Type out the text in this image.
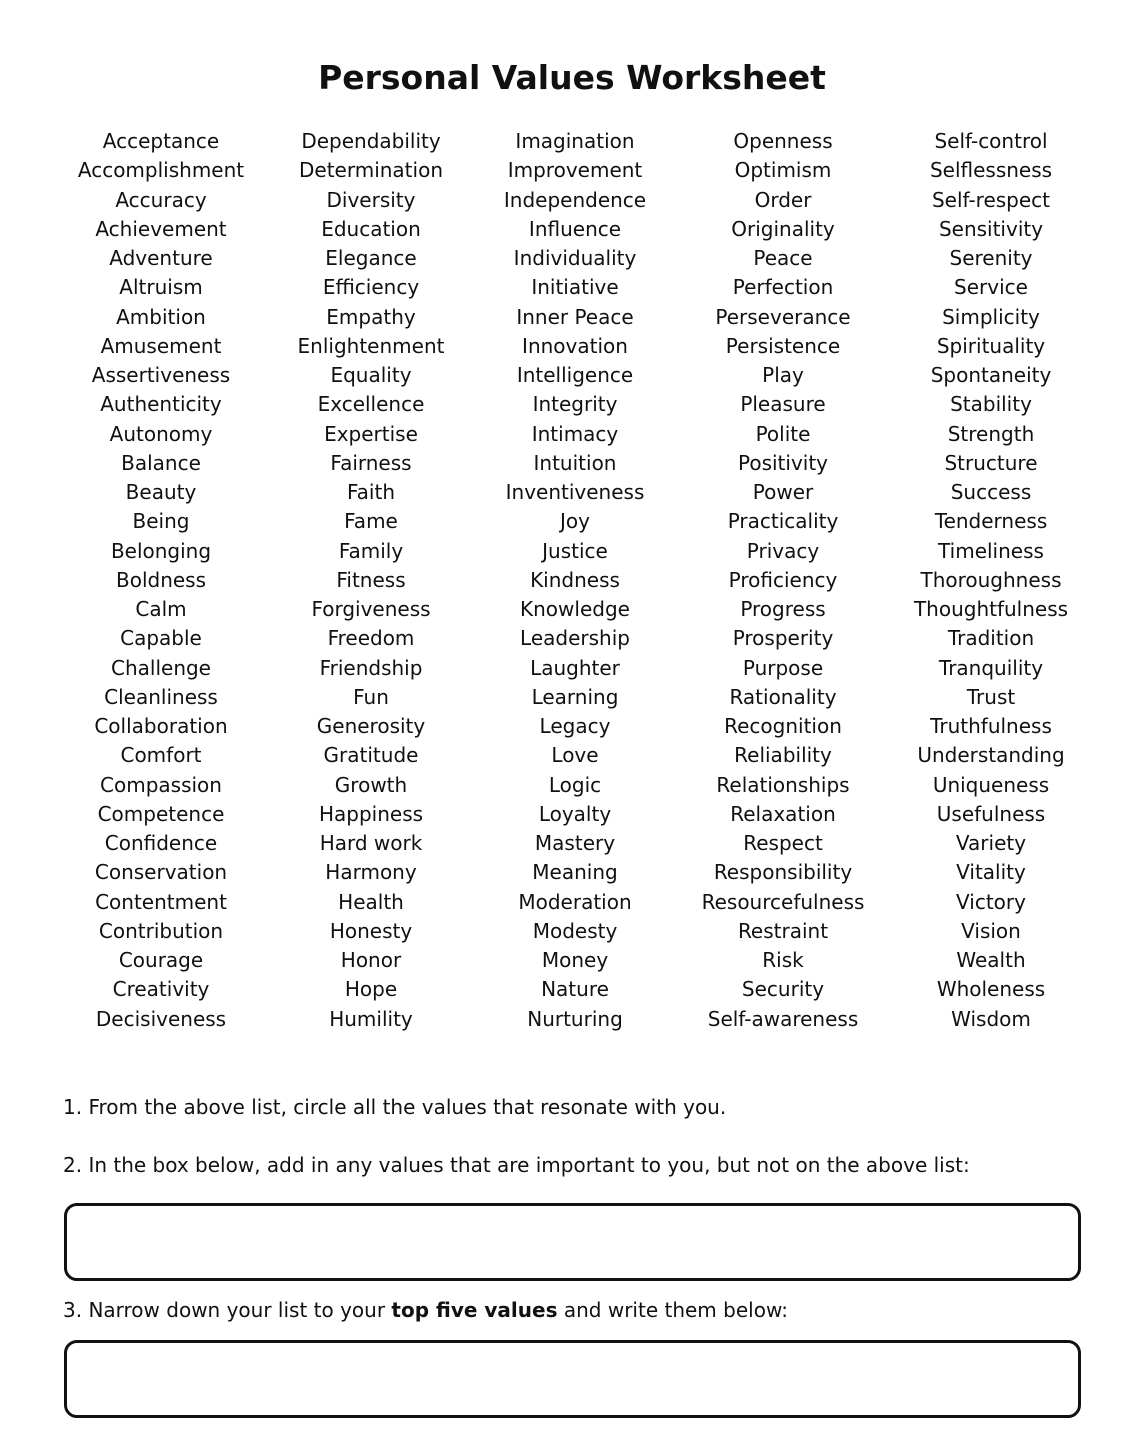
Personal Values Worksheet
Acceptance
Accomplishment
Accuracy
Achievement
Adventure
Altruism
Ambition
Amusement
Assertiveness
Authenticity
Autonomy
Balance
Beauty
Being
Belonging
Boldness
Calm
Capable
Challenge
Cleanliness
Collaboration
Comfort
Compassion
Competence
Confidence
Conservation
Contentment
Contribution
Courage
Creativity
Decisiveness
Dependability
Determination
Diversity
Education
Elegance
Efficiency
Empathy
Enlightenment
Equality
Excellence
Expertise
Fairness
Faith
Fame
Family
Fitness
Forgiveness
Freedom
Friendship
Fun
Generosity
Gratitude
Growth
Happiness
Hard work
Harmony
Health
Honesty
Honor
Hope
Humility
Imagination
Improvement
Independence
Influence
Individuality
Initiative
Inner Peace
Innovation
Intelligence
Integrity
Intimacy
Intuition
Inventiveness
Joy
Justice
Kindness
Knowledge
Leadership
Laughter
Learning
Legacy
Love
Logic
Loyalty
Mastery
Meaning
Moderation
Modesty
Money
Nature
Nurturing
Openness
Optimism
Order
Originality
Peace
Perfection
Perseverance
Persistence
Play
Pleasure
Polite
Positivity
Power
Practicality
Privacy
Proficiency
Progress
Prosperity
Purpose
Rationality
Recognition
Reliability
Relationships
Relaxation
Respect
Responsibility
Resourcefulness
Restraint
Risk
Security
Self-awareness
Self-control
Selflessness
Self-respect
Sensitivity
Serenity
Service
Simplicity
Spirituality
Spontaneity
Stability
Strength
Structure
Success
Tenderness
Timeliness
Thoroughness
Thoughtfulness
Tradition
Tranquility
Trust
Truthfulness
Understanding
Uniqueness
Usefulness
Variety
Vitality
Victory
Vision
Wealth
Wholeness
Wisdom
1. From the above list, circle all the values that resonate with you.
2. In the box below, add in any values that are important to you, but not on the above list:
3. Narrow down your list to your top five values and write them below:
